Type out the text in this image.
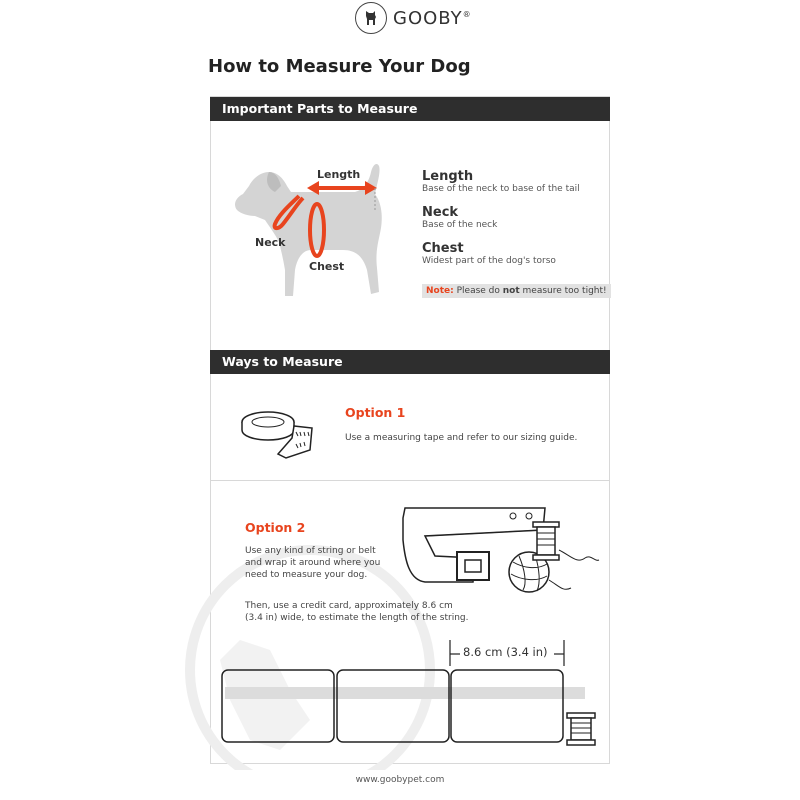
GOOBY®
How to Measure Your Dog
Important Parts to Measure
Length
Neck
Chest
Length
Base of the neck to base of the tail
Neck
Base of the neck
Chest
Widest part of the dog's torso
Note: Please do not measure too tight!
Ways to Measure
Option 1
Use a measuring tape and refer to our sizing guide.
Option 2
Use any kind of string or belt
and wrap it around where you
need to measure your dog.
Then, use a credit card, approximately 8.6 cm
(3.4 in) wide, to estimate the length of the string.
8.6 cm (3.4 in)
www.goobypet.com
